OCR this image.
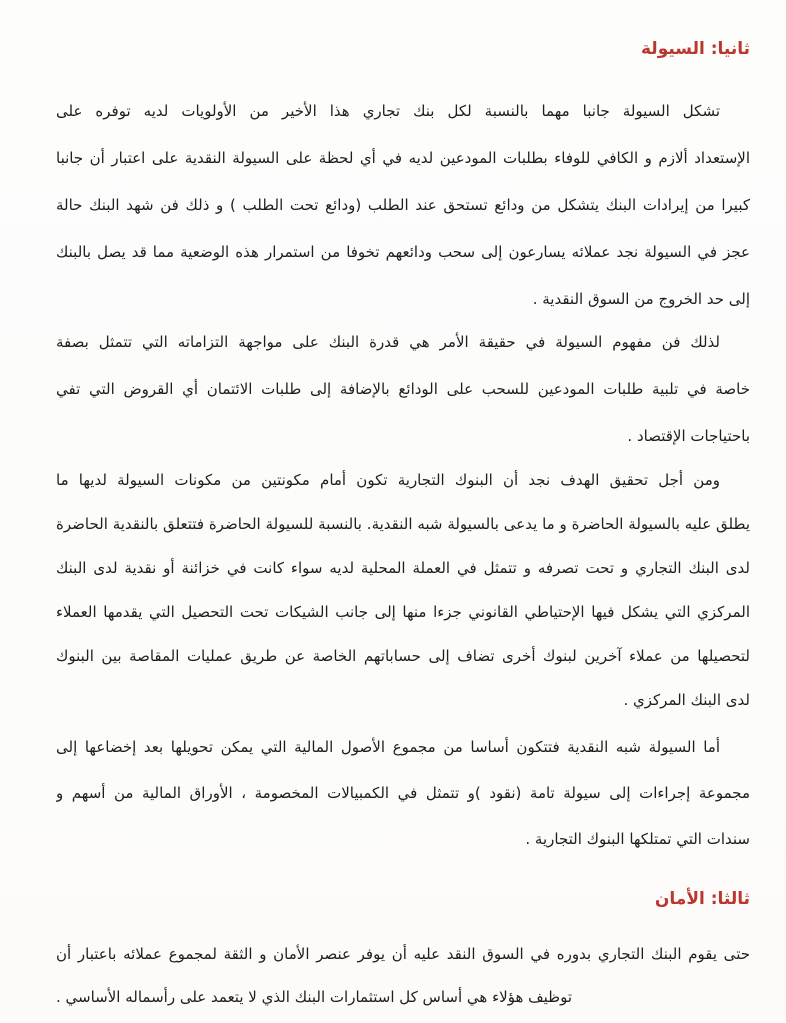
ثانيا: السيولة
تشكل السيولة جانبا مهما بالنسبة لكل بنك تجاري هذا الأخير من الأولويات لديه توفره على
الإستعداد ألازم و الكافي للوفاء بطلبات المودعين لديه في أي لحظة على السيولة النقدية على اعتبار أن جانبا
كبيرا من إيرادات البنك يتشكل من ودائع تستحق عند الطلب (ودائع تحت الطلب ) و ذلك فن شهد البنك حالة
عجز في السيولة نجد عملائه يسارعون إلى سحب ودائعهم تخوفا من استمرار هذه الوضعية مما قد يصل بالبنك
إلى حد الخروج من السوق النقدية .
لذلك فن مفهوم السيولة في حقيقة الأمر هي قدرة البنك على مواجهة التزاماته التي تتمثل بصفة
خاصة في تلبية طلبات المودعين للسحب على الودائع بالإضافة إلى طلبات الائتمان أي القروض التي تفي
باحتياجات الإقتصاد .
ومن أجل تحقيق الهدف نجد أن البنوك التجارية تكون أمام مكونتين من مكونات السيولة لديها ما
يطلق عليه بالسيولة الحاضرة و ما يدعى بالسيولة شبه النقدية. بالنسبة للسيولة الحاضرة فتتعلق بالنقدية الحاضرة
لدى البنك التجاري و تحت تصرفه و تتمثل في العملة المحلية لديه سواء كانت في خزائنة أو نقدية لدى البنك
المركزي التي يشكل فيها الإحتياطي القانوني جزءا منها إلى جانب الشيكات تحت التحصيل التي يقدمها العملاء
لتحصيلها من عملاء آخرين لبنوك أخرى تضاف إلى حساباتهم الخاصة عن طريق عمليات المقاصة بين البنوك
لدى البنك المركزي .
أما السيولة شبه النقدية فتتكون أساسا من مجموع الأصول المالية التي يمكن تحويلها بعد إخضاعها إلى
مجموعة إجراءات إلى سيولة تامة (نقود )و تتمثل في الكمبيالات المخصومة ، الأوراق المالية من أسهم و
سندات التي تمتلكها البنوك التجارية .
ثالثا: الأمان
حتى يقوم البنك التجاري بدوره في السوق النقد عليه أن يوفر عنصر الأمان و الثقة لمجموع عملائه باعتبار أن
توظيف هؤلاء هي أساس كل استثمارات البنك الذي لا يتعمد على رأسماله الأساسي .
